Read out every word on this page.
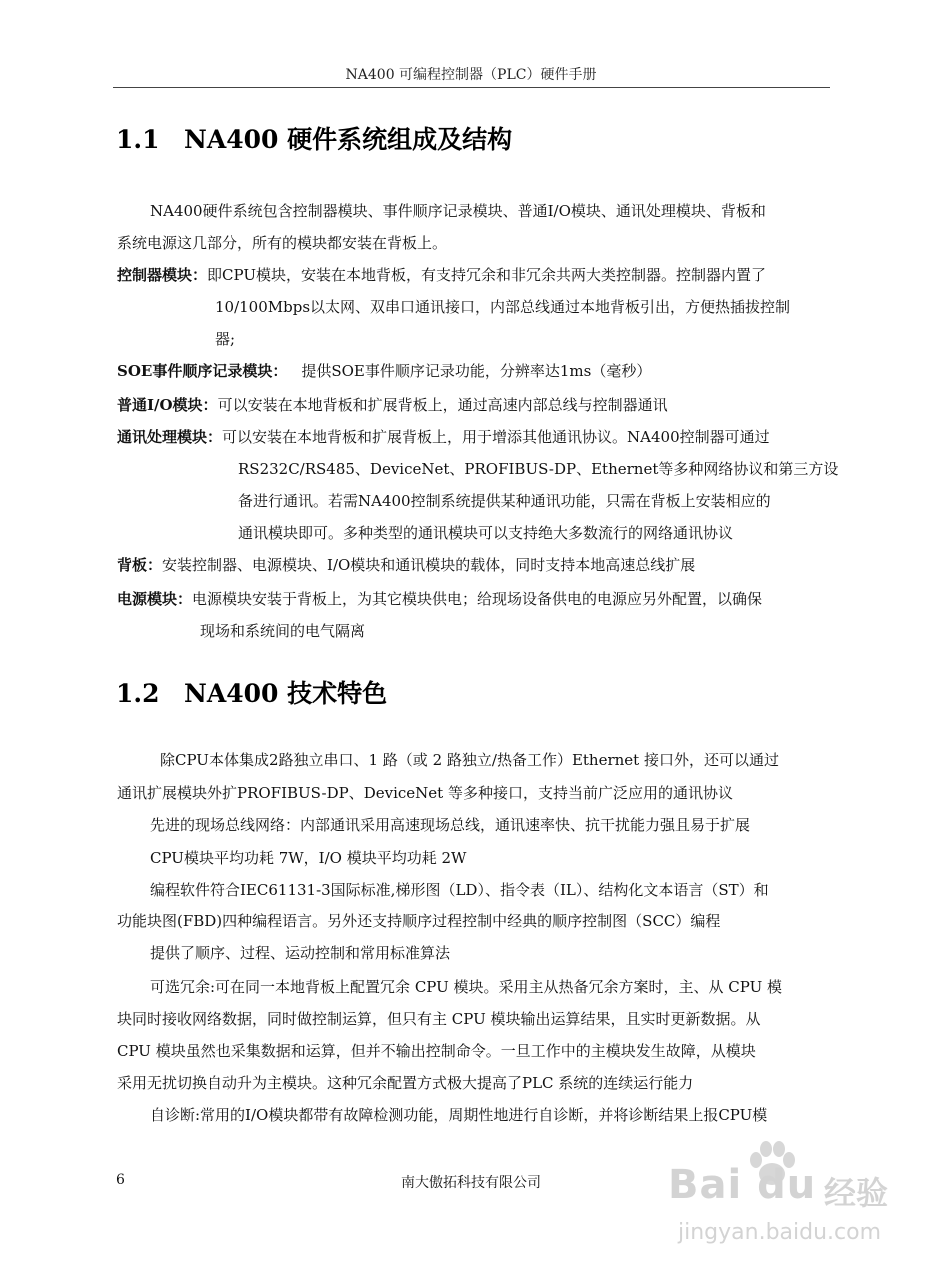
NA400 可编程控制器（PLC）硬件手册
1.1 NA400 硬件系统组成及结构
NA400硬件系统包含控制器模块、事件顺序记录模块、普通I/O模块、通讯处理模块、背板和
系统电源这几部分，所有的模块都安装在背板上。
控制器模块：即CPU模块，安装在本地背板，有支持冗余和非冗余共两大类控制器。控制器内置了
10/100Mbps以太网、双串口通讯接口，内部总线通过本地背板引出，方便热插拔控制
器;
SOE事件顺序记录模块： 提供SOE事件顺序记录功能，分辨率达1ms（毫秒）
普通I/O模块：可以安装在本地背板和扩展背板上，通过高速内部总线与控制器通讯
通讯处理模块：可以安装在本地背板和扩展背板上，用于增添其他通讯协议。NA400控制器可通过
RS232C/RS485、DeviceNet、PROFIBUS-DP、Ethernet等多种网络协议和第三方设
备进行通讯。若需NA400控制系统提供某种通讯功能，只需在背板上安装相应的
通讯模块即可。多种类型的通讯模块可以支持绝大多数流行的网络通讯协议
背板：安装控制器、电源模块、I/O模块和通讯模块的载体，同时支持本地高速总线扩展
电源模块：电源模块安装于背板上，为其它模块供电；给现场设备供电的电源应另外配置，以确保
现场和系统间的电气隔离
1.2 NA400 技术特色
除CPU本体集成2路独立串口、1 路（或 2 路独立/热备工作）Ethernet 接口外，还可以通过
通讯扩展模块外扩PROFIBUS-DP、DeviceNet 等多种接口，支持当前广泛应用的通讯协议
先进的现场总线网络：内部通讯采用高速现场总线，通讯速率快、抗干扰能力强且易于扩展
CPU模块平均功耗 7W，I/O 模块平均功耗 2W
编程软件符合IEC61131-3国际标准,梯形图（LD）、指令表（IL）、结构化文本语言（ST）和
功能块图(FBD)四种编程语言。另外还支持顺序过程控制中经典的顺序控制图（SCC）编程
提供了顺序、过程、运动控制和常用标准算法
可选冗余:可在同一本地背板上配置冗余 CPU 模块。采用主从热备冗余方案时，主、从 CPU 模
块同时接收网络数据，同时做控制运算，但只有主 CPU 模块输出运算结果，且实时更新数据。从
CPU 模块虽然也采集数据和运算，但并不输出控制命令。一旦工作中的主模块发生故障，从模块
采用无扰切换自动升为主模块。这种冗余配置方式极大提高了PLC 系统的连续运行能力
自诊断:常用的I/O模块都带有故障检测功能，周期性地进行自诊断，并将诊断结果上报CPU模
6	南大傲拓科技有限公司	Bai du 经验
jingyan.baidu.com
